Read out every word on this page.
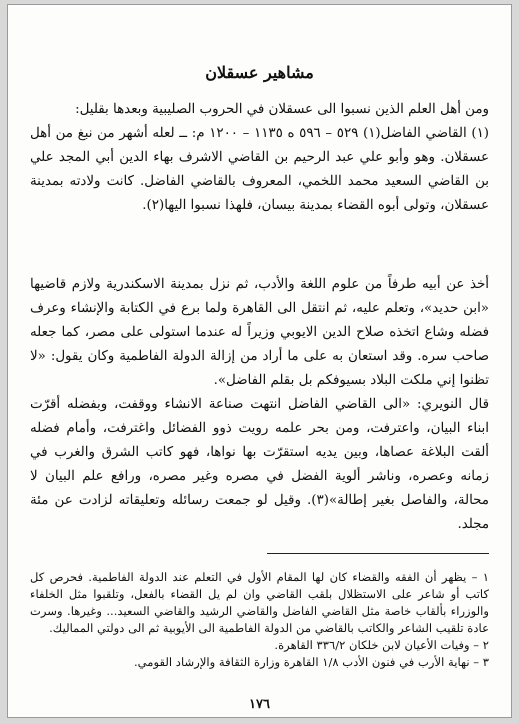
مشاهير عسقلان

ومن أهل العلم الذين نسبوا الى عسقلان في الحروب الصليبية وبعدها بقليل:

(١) القاضي الفاضل(١) ٥٢٩ – ٥٩٦ ه ١١٣٥ – ١٢٠٠ م: ــ لعله أشهر من نبغ من أهل عسقلان. وهو وأبو علي عبد الرحيم بن القاضي الاشرف بهاء الدين أبي المجد علي بن القاضي السعيد محمد اللخمي، المعروف بالقاضي الفاضل. كانت ولادته بمدينة عسقلان، وتولى أبوه القضاء بمدينة بيسان، فلهذا نسبوا اليها(٢).

أخذ عن أبيه طرفاً من علوم اللغة والأدب، ثم نزل بمدينة الاسكندرية ولازم قاضيها «ابن حديد»، وتعلم عليه، ثم انتقل الى القاهرة ولما برع في الكتابة والإنشاء وعرف فضله وشاع اتخذه صلاح الدين الايوبي وزيراً له عندما استولى على مصر، كما جعله صاحب سره. وقد استعان به على ما أراد من إزالة الدولة الفاطمية وكان يقول: «لا تظنوا إني ملكت البلاد بسيوفكم بل بقلم الفاضل».

قال النويري: «الى القاضي الفاضل انتهت صناعة الانشاء ووقفت، وبفضله أقرّت ابناء البيان، واعترفت، ومن بحر علمه رويت ذوو الفضائل واغترفت، وأمام فضله ألقت البلاغة عصاها، وبين يديه استقرّت بها نواها، فهو كاتب الشرق والغرب في زمانه وعصره، وناشر ألوية الفضل في مصره وغير مصره، ورافع علم البيان لا محالة، والفاصل بغير إطالة»(٣). وقيل لو جمعت رسائله وتعليقاته لزادت عن مئة مجلد.

١ – يظهر أن الفقه والقضاء كان لها المقام الأول في التعلم عند الدولة الفاطمية. فحرص كل كاتب أو شاعر على الاستظلال بلقب القاضي وان لم يل القضاء بالفعل، وتلقبوا مثل الخلفاء والوزراء بألقاب خاصة مثل القاضي الفاضل والقاضي الرشيد والقاضي السعيد... وغيرها. وسرت عادة تلقيب الشاعر والكاتب بالقاضي من الدولة الفاطمية الى الأيوبية ثم الى دولتي المماليك.

٢ – وفيات الأعيان لابن خلكان ٣٣٦/٢ القاهرة.

٣ – نهاية الأرب في فنون الأدب ١/٨ القاهرة وزارة الثقافة والإرشاد القومي.

١٧٦
